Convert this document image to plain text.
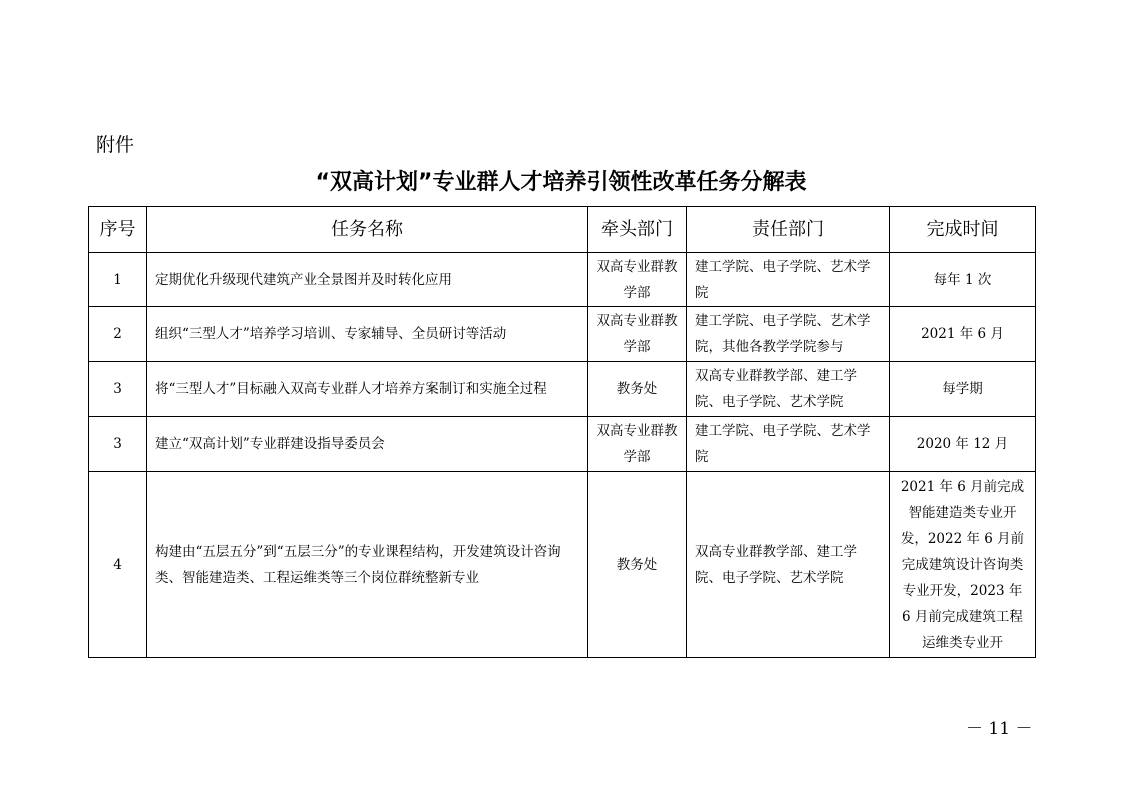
附件
“双高计划”专业群人才培养引领性改革任务分解表
序号	任务名称	牵头部门	责任部门	完成时间
1	定期优化升级现代建筑产业全景图并及时转化应用	双高专业群教学部	建工学院、电子学院、艺术学院	每年 1 次
2	组织“三型人才”培养学习培训、专家辅导、全员研讨等活动	双高专业群教学部	建工学院、电子学院、艺术学院，其他各教学学院参与	2021 年 6 月
3	将“三型人才”目标融入双高专业群人才培养方案制订和实施全过程	教务处	双高专业群教学部、建工学院、电子学院、艺术学院	每学期
3	建立“双高计划”专业群建设指导委员会	双高专业群教学部	建工学院、电子学院、艺术学院	2020 年 12 月
4	构建由“五层五分”到“五层三分”的专业课程结构，开发建筑设计咨询类、智能建造类、工程运维类等三个岗位群统整新专业	教务处	双高专业群教学部、建工学院、电子学院、艺术学院	2021 年 6 月前完成智能建造类专业开发，2022 年 6 月前完成建筑设计咨询类专业开发，2023 年 6 月前完成建筑工程运维类专业开
－ 11 －
